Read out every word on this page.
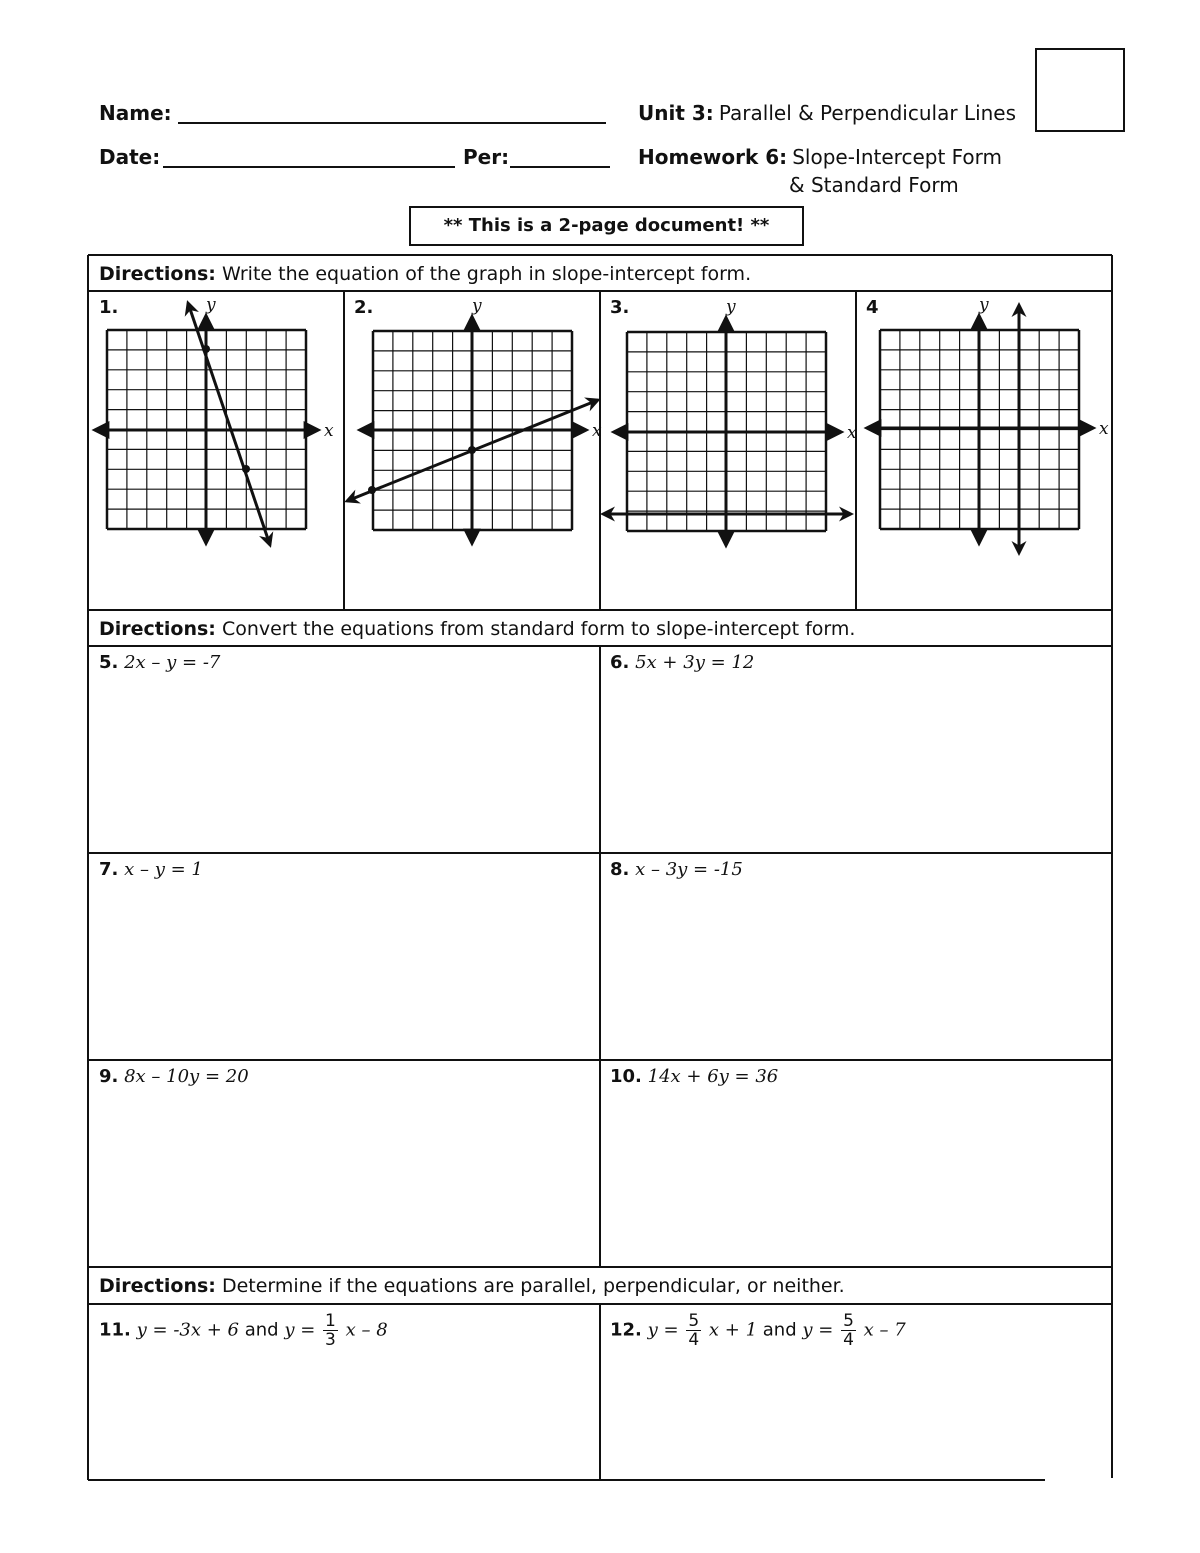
Name:
Date:	Per:
Unit 3: Parallel & Perpendicular Lines
Homework 6: Slope-Intercept Form
& Standard Form
** This is a 2-page document! **
Directions: Write the equation of the graph in slope-intercept form.
Directions: Convert the equations from standard form to slope-intercept form.
Directions: Determine if the equations are parallel, perpendicular, or neither.
1.	2.	3.	4
x
y
x
y
x
y
x
y
5. 2x – y = -7	6. 5x + 3y = 12
7. x – y = 1	8. x – 3y = -15
9. 8x – 10y = 20	10. 14x + 6y = 36
11. y = -3x + 6 and $y = \frac{1}{3}$ x – 8	12. $y = \frac{5}{4}$ x + 1 and $y = \frac{5}{4}$ x – 7
